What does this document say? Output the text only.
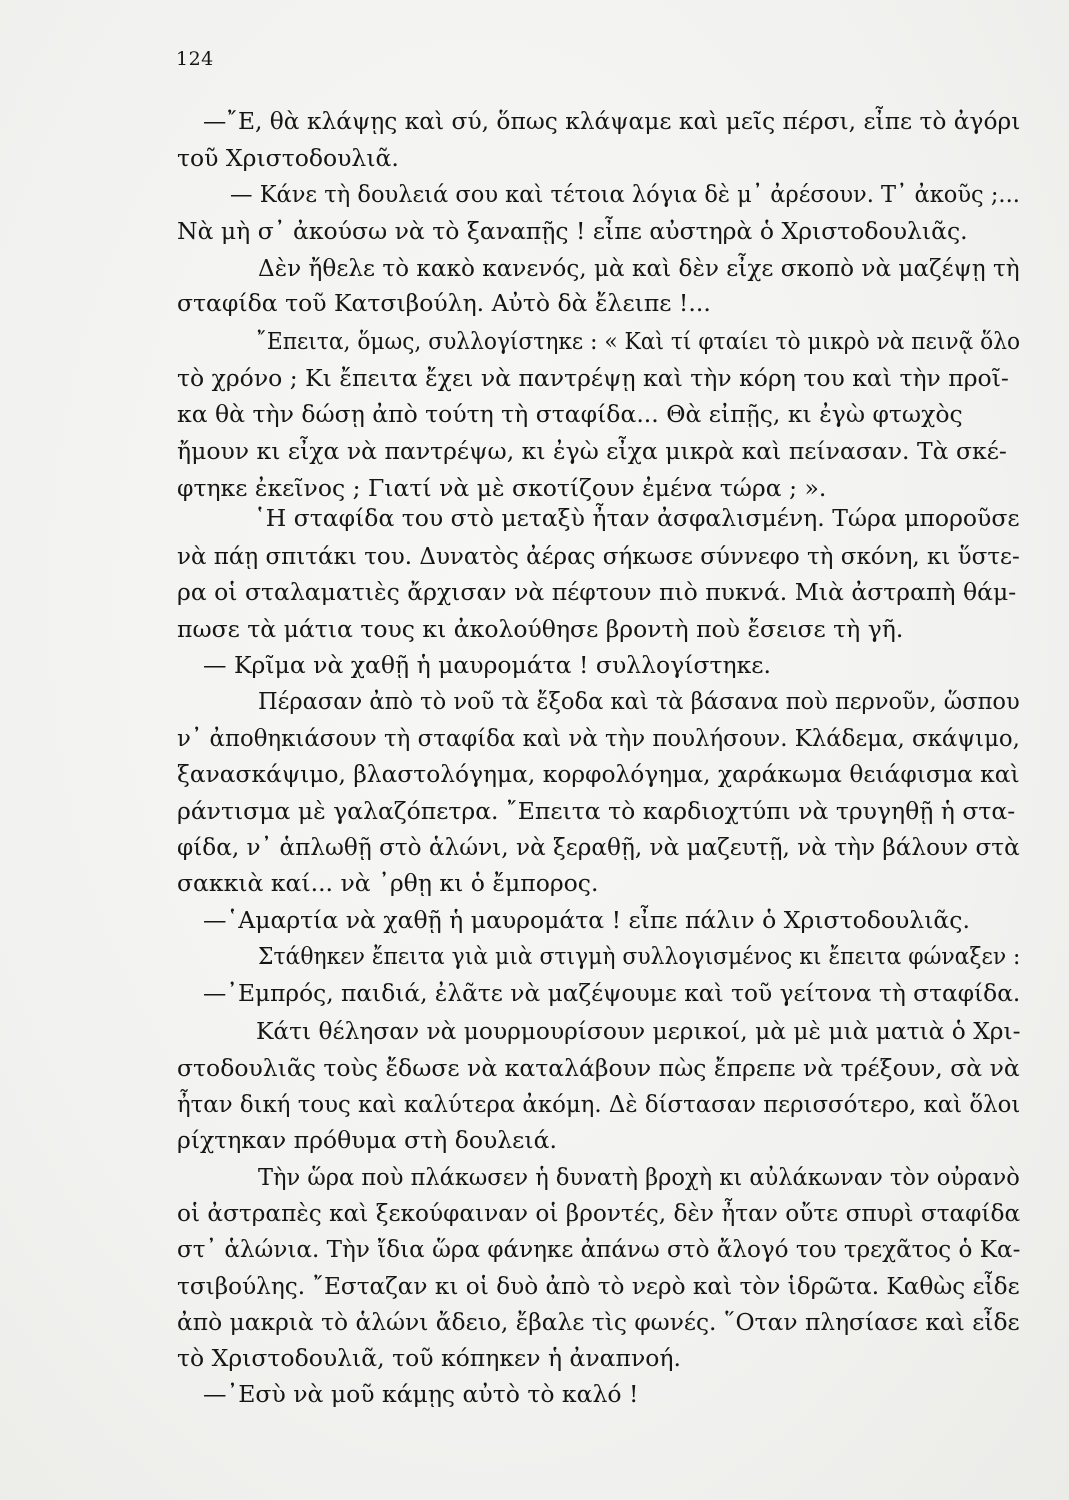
124
—῎Ε, θὰ κλάψῃς καὶ σύ, ὅπως κλάψαμε καὶ μεῖς πέρσι, εἶπε τὸ ἀγόρι
τοῦ Χριστοδουλιᾶ.
— Κάνε τὴ δουλειά σου καὶ τέτοια λόγια δὲ μ᾽ ἀρέσουν. Τ᾽ ἀκοῦς ;...
Νὰ μὴ σ᾽ ἀκούσω νὰ τὸ ξαναπῇς ! εἶπε αὐστηρὰ ὁ Χριστοδουλιᾶς.
Δὲν ἤθελε τὸ κακὸ κανενός, μὰ καὶ δὲν εἶχε σκοπὸ νὰ μαζέψῃ τὴ
σταφίδα τοῦ Κατσιβούλη. Αὐτὸ δὰ ἔλειπε !...
῎Επειτα, ὅμως, συλλογίστηκε : « Καὶ τί φταίει τὸ μικρὸ νὰ πεινᾷ ὅλο
τὸ χρόνο ; Κι ἔπειτα ἔχει νὰ παντρέψῃ καὶ τὴν κόρη του καὶ τὴν προῖ-
κα θὰ τὴν δώσῃ ἀπὸ τούτη τὴ σταφίδα... Θὰ εἰπῇς, κι ἐγὼ φτωχὸς
ἤμουν κι εἶχα νὰ παντρέψω, κι ἐγὼ εἶχα μικρὰ καὶ πείνασαν. Τὰ σκέ-
φτηκε ἐκεῖνος ; Γιατί νὰ μὲ σκοτίζουν ἐμένα τώρα ; ».
῾Η σταφίδα του στὸ μεταξὺ ἦταν ἀσφαλισμένη. Τώρα μποροῦσε
νὰ πάῃ σπιτάκι του. Δυνατὸς ἀέρας σήκωσε σύννεφο τὴ σκόνη, κι ὕστε-
ρα οἱ σταλαματιὲς ἄρχισαν νὰ πέφτουν πιὸ πυκνά. Μιὰ ἀστραπὴ θάμ-
πωσε τὰ μάτια τους κι ἀκολούθησε βροντὴ ποὺ ἔσεισε τὴ γῆ.
— Κρῖμα νὰ χαθῇ ἡ μαυρομάτα ! συλλογίστηκε.
Πέρασαν ἀπὸ τὸ νοῦ τὰ ἔξοδα καὶ τὰ βάσανα ποὺ περνοῦν, ὥσπου
ν᾽ ἀποθηκιάσουν τὴ σταφίδα καὶ νὰ τὴν πουλήσουν. Κλάδεμα, σκάψιμο,
ξανασκάψιμο, βλαστολόγημα, κορφολόγημα, χαράκωμα θειάφισμα καὶ
ράντισμα μὲ γαλαζόπετρα. ῎Επειτα τὸ καρδιοχτύπι νὰ τρυγηθῇ ἡ στα-
φίδα, ν᾽ ἁπλωθῇ στὸ ἁλώνι, νὰ ξεραθῇ, νὰ μαζευτῇ, νὰ τὴν βάλουν στὰ
σακκιὰ καί... νὰ ᾽ρθῃ κι ὁ ἔμπορος.
—῾Αμαρτία νὰ χαθῇ ἡ μαυρομάτα ! εἶπε πάλιν ὁ Χριστοδουλιᾶς.
Στάθηκεν ἔπειτα γιὰ μιὰ στιγμὴ συλλογισμένος κι ἔπειτα φώναξεν :
—᾽Εμπρός, παιδιά, ἐλᾶτε νὰ μαζέψουμε καὶ τοῦ γείτονα τὴ σταφίδα.
Κάτι θέλησαν νὰ μουρμουρίσουν μερικοί, μὰ μὲ μιὰ ματιὰ ὁ Χρι-
στοδουλιᾶς τοὺς ἔδωσε νὰ καταλάβουν πὼς ἔπρεπε νὰ τρέξουν, σὰ νὰ
ἦταν δική τους καὶ καλύτερα ἀκόμη. Δὲ δίστασαν περισσότερο, καὶ ὅλοι
ρίχτηκαν πρόθυμα στὴ δουλειά.
Τὴν ὥρα ποὺ πλάκωσεν ἡ δυνατὴ βροχὴ κι αὐλάκωναν τὸν οὐρανὸ
οἱ ἀστραπὲς καὶ ξεκούφαιναν οἱ βροντές, δὲν ἦταν οὔτε σπυρὶ σταφίδα
στ᾽ ἁλώνια. Τὴν ἴδια ὥρα φάνηκε ἀπάνω στὸ ἄλογό του τρεχᾶτος ὁ Κα-
τσιβούλης. ῎Εσταζαν κι οἱ δυὸ ἀπὸ τὸ νερὸ καὶ τὸν ἱδρῶτα. Καθὼς εἶδε
ἀπὸ μακριὰ τὸ ἁλώνι ἄδειο, ἔβαλε τὶς φωνές. ῞Οταν πλησίασε καὶ εἶδε
τὸ Χριστοδουλιᾶ, τοῦ κόπηκεν ἡ ἀναπνοή.
—᾽Εσὺ νὰ μοῦ κάμῃς αὐτὸ τὸ καλό !
